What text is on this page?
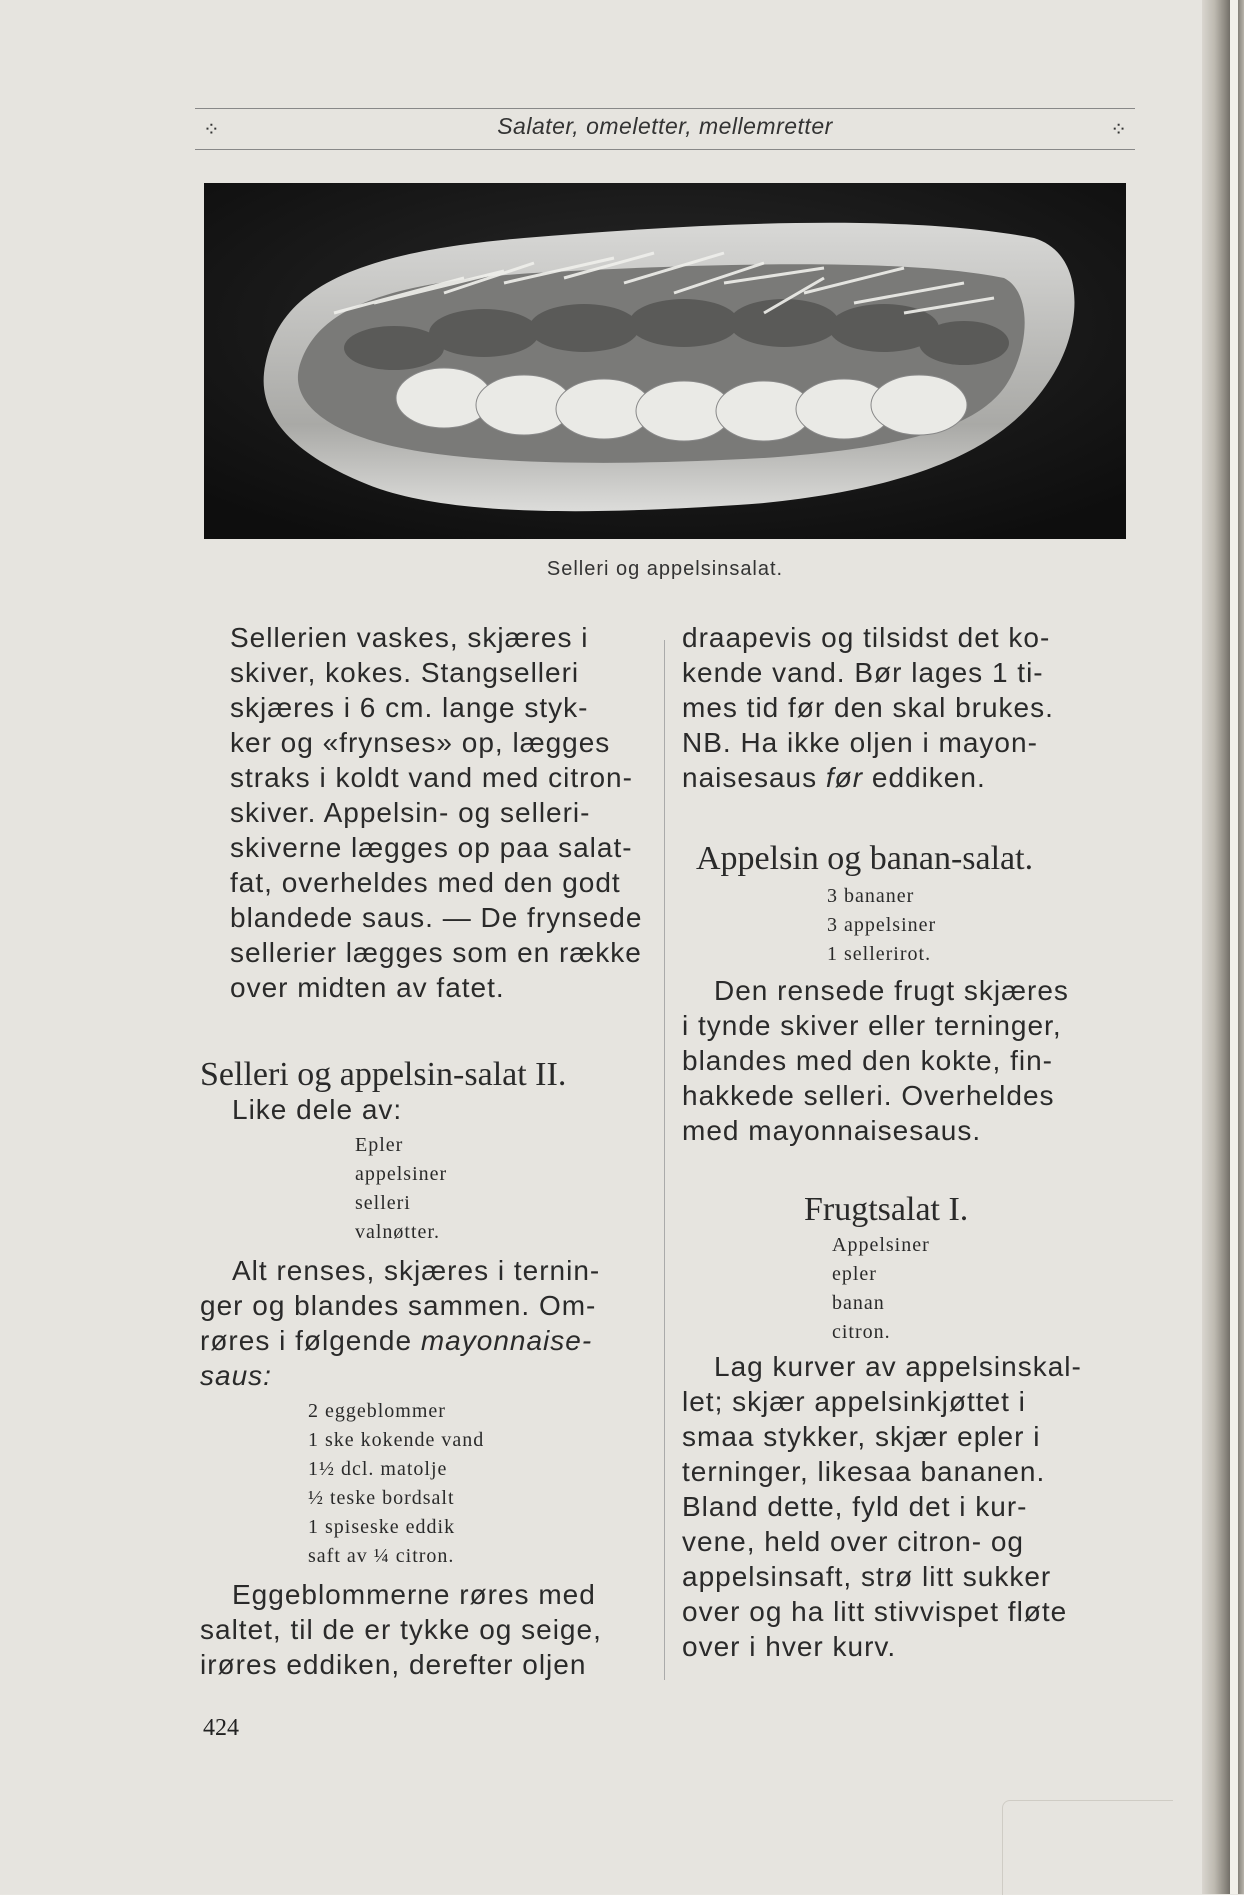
⁘	Salater, omeletter, mellemretter	⁘
Selleri og appelsinsalat.
Sellerien vaskes, skjæres i
skiver, kokes. Stangselleri
skjæres i 6 cm. lange styk-
ker og «frynses» op, lægges
straks i koldt vand med citron-
skiver. Appelsin- og selleri-
skiverne lægges op paa salat-
fat, overheldes med den godt
blandede saus. — De frynsede
sellerier lægges som en række
over midten av fatet.
Selleri og appelsin-salat II.
Like dele av:
Epler
appelsiner
selleri
valnøtter.
Alt renses, skjæres i ternin-
ger og blandes sammen. Om-
røres i følgende mayonnaise-
saus:
2 eggeblommer
1 ske kokende vand
1½ dcl. matolje
½ teske bordsalt
1 spiseske eddik
saft av ¼ citron.
Eggeblommerne røres med
saltet, til de er tykke og seige,
irøres eddiken, derefter oljen
draapevis og tilsidst det ko-
kende vand. Bør lages 1 ti-
mes tid før den skal brukes.
NB. Ha ikke oljen i mayon-
naisesaus før eddiken.
Appelsin og banan-salat.
3 bananer
3 appelsiner
1 sellerirot.
Den rensede frugt skjæres
i tynde skiver eller terninger,
blandes med den kokte, fin-
hakkede selleri. Overheldes
med mayonnaisesaus.
Frugtsalat I.
Appelsiner
epler
banan
citron.
Lag kurver av appelsinskal-
let; skjær appelsinkjøttet i
smaa stykker, skjær epler i
terninger, likesaa bananen.
Bland dette, fyld det i kur-
vene, held over citron- og
appelsinsaft, strø litt sukker
over og ha litt stivvispet fløte
over i hver kurv.
424
